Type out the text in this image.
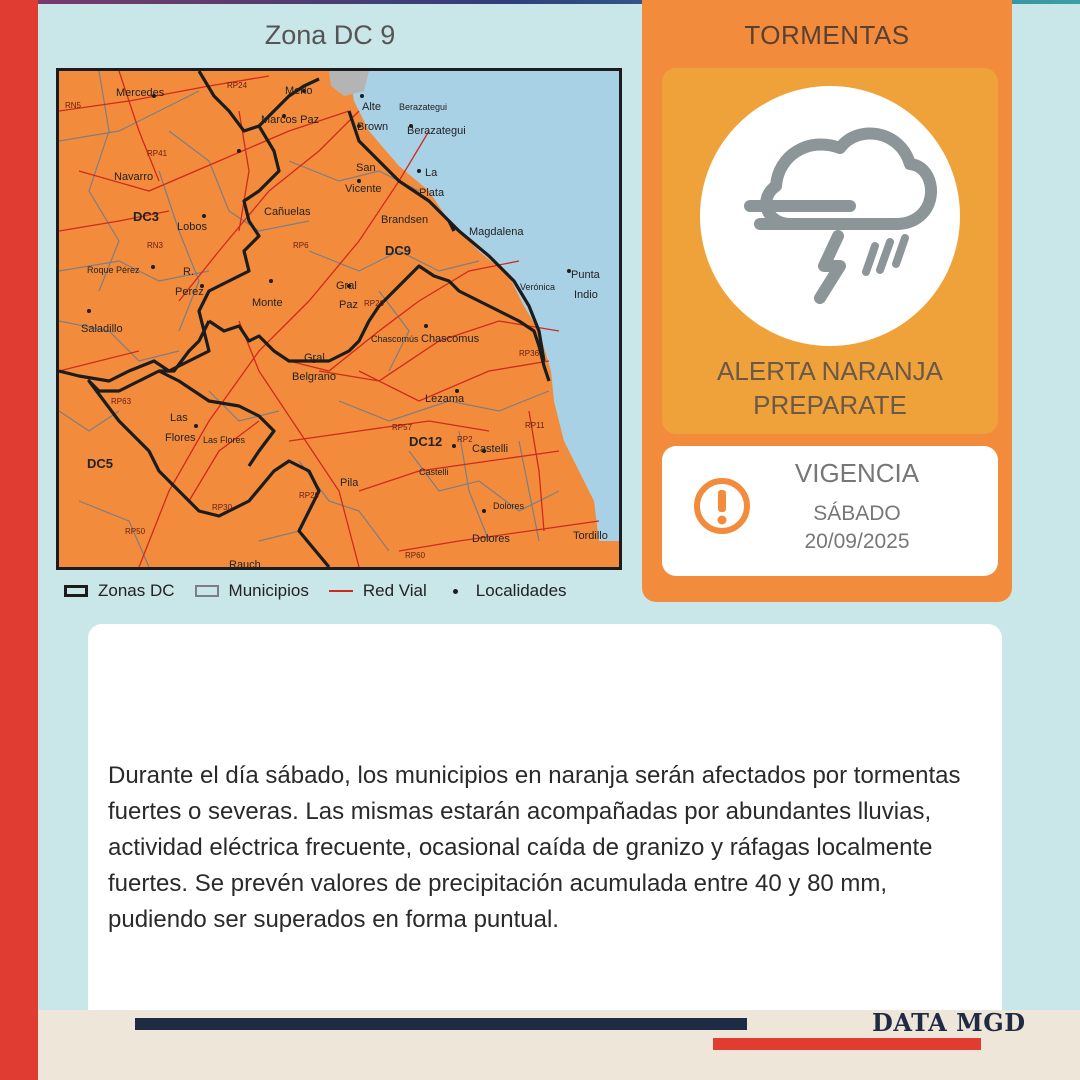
Zona DC 9
DC3
DC9
DC12
DC5
Mercedes	Merlo
Marcos Paz
Alte
Brown
Berazategui
Berazategui
San
Vicente
La
Plata
Navarro
Cañuelas
Lobos
Brandsen
Magdalena
Roque Pérez	R.
Perez
Monte
Gral
Paz
Punta
Indio
Verónica
Saladillo
Chascomús Chascomus
Gral
Belgrano
Lezama
Las
Flores Las Flores
Castelli
Castelli
Pila
Dolores
Dolores	Tordillo
Rauch
RN5
RP24
RP41
RN3	RP6
RP30
RP29
RP20
RP11
RP2
RP57
RP63
RP60
RP50
RP36
Zonas DC	Municipios	Red Vial	Localidades
TORMENTAS
ALERTA NARANJA
PREPARATE
VIGENCIA
SÁBADO
20/09/2025
Durante el día sábado, los municipios en naranja serán afectados por tormentas fuertes o severas. Las mismas estarán acompañadas por abundantes lluvias, actividad eléctrica frecuente, ocasional caída de granizo y ráfagas localmente fuertes. Se prevén valores de precipitación acumulada entre 40 y 80 mm, pudiendo ser superados en forma puntual.
DATA MGD
